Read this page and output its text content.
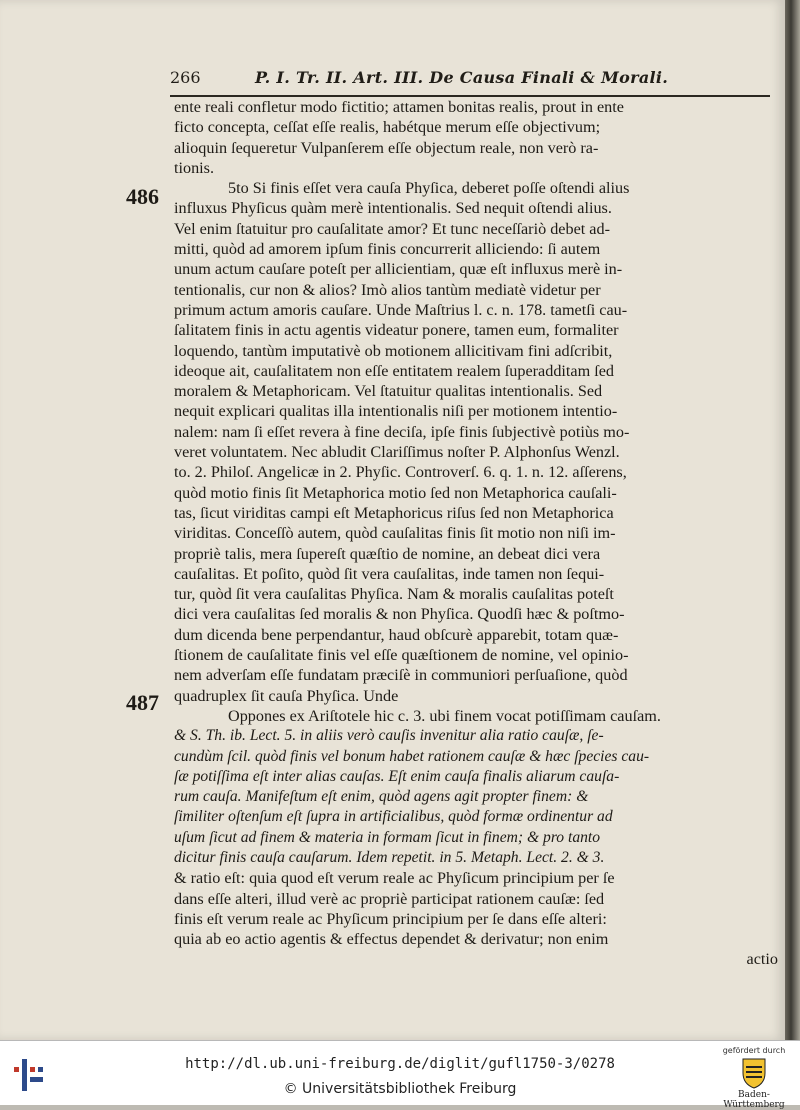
266	P. I. Tr. II. Art. III. De Causa Finali & Morali.
486
487
ente reali confletur modo fictitio; attamen bonitas realis, prout in ente
ficto concepta, ceſſat eſſe realis, habétque merum eſſe objectivum;
alioquin ſequeretur Vulpanſerem eſſe objectum reale, non verò ra-
tionis.
5to Si finis eſſet vera cauſa Phyſica, deberet poſſe oſtendi alius
influxus Phyſicus quàm merè intentionalis. Sed nequit oſtendi alius.
Vel enim ſtatuitur pro cauſalitate amor? Et tunc neceſſariò debet ad-
mitti, quòd ad amorem ipſum finis concurrerit alliciendo: ſi autem
unum actum cauſare poteſt per allicientiam, quæ eſt influxus merè in-
tentionalis, cur non & alios? Imò alios tantùm mediatè videtur per
primum actum amoris cauſare. Unde Maſtrius l. c. n. 178. tametſi cau-
ſalitatem finis in actu agentis videatur ponere, tamen eum, formaliter
loquendo, tantùm imputativè ob motionem allicitivam fini adſcribit,
ideoque ait, cauſalitatem non eſſe entitatem realem ſuperadditam ſed
moralem & Metaphoricam. Vel ſtatuitur qualitas intentionalis. Sed
nequit explicari qualitas illa intentionalis niſi per motionem intentio-
nalem: nam ſi eſſet revera à fine deciſa, ipſe finis ſubjectivè potiùs mo-
veret voluntatem. Nec abludit Clariſſimus noſter P. Alphonſus Wenzl.
to. 2. Philoſ. Angelicæ in 2. Phyſic. Controverſ. 6. q. 1. n. 12. aſſerens,
quòd motio finis ſit Metaphorica motio ſed non Metaphorica cauſali-
tas, ſicut viriditas campi eſt Metaphoricus riſus ſed non Metaphorica
viriditas. Conceſſò autem, quòd cauſalitas finis ſit motio non niſi im-
propriè talis, mera ſupereſt quæſtio de nomine, an debeat dici vera
cauſalitas. Et poſito, quòd ſit vera cauſalitas, inde tamen non ſequi-
tur, quòd ſit vera cauſalitas Phyſica. Nam & moralis cauſalitas poteſt
dici vera cauſalitas ſed moralis & non Phyſica. Quodſi hæc & poſtmo-
dum dicenda bene perpendantur, haud obſcurè apparebit, totam quæ-
ſtionem de cauſalitate finis vel eſſe quæſtionem de nomine, vel opinio-
nem adverſam eſſe fundatam præciſè in communiori perſuaſione, quòd
quadruplex ſit cauſa Phyſica. Unde
Oppones ex Ariſtotele hic c. 3. ubi finem vocat potiſſimam cauſam.
& S. Th. ib. Lect. 5. in aliis verò cauſis invenitur alia ratio cauſæ, ſe-
cundùm ſcil. quòd finis vel bonum habet rationem cauſæ & hæc ſpecies cau-
ſæ potiſſima eſt inter alias cauſas. Eſt enim cauſa finalis aliarum cauſa-
rum cauſa. Manifeſtum eſt enim, quòd agens agit propter finem: &
ſimiliter oſtenſum eſt ſupra in artificialibus, quòd formæ ordinentur ad
uſum ſicut ad finem & materia in formam ſicut in finem; & pro tanto
dicitur finis cauſa cauſarum. Idem repetit. in 5. Metaph. Lect. 2. & 3.
& ratio eſt: quia quod eſt verum reale ac Phyſicum principium per ſe
dans eſſe alteri, illud verè ac propriè participat rationem cauſæ: ſed
finis eſt verum reale ac Phyſicum principium per ſe dans eſſe alteri:
quia ab eo actio agentis & effectus dependet & derivatur; non enim
actio
http://dl.ub.uni-freiburg.de/diglit/gufl1750-3/0278
© Universitätsbibliothek Freiburg
gefördert durch
Baden-Württemberg
